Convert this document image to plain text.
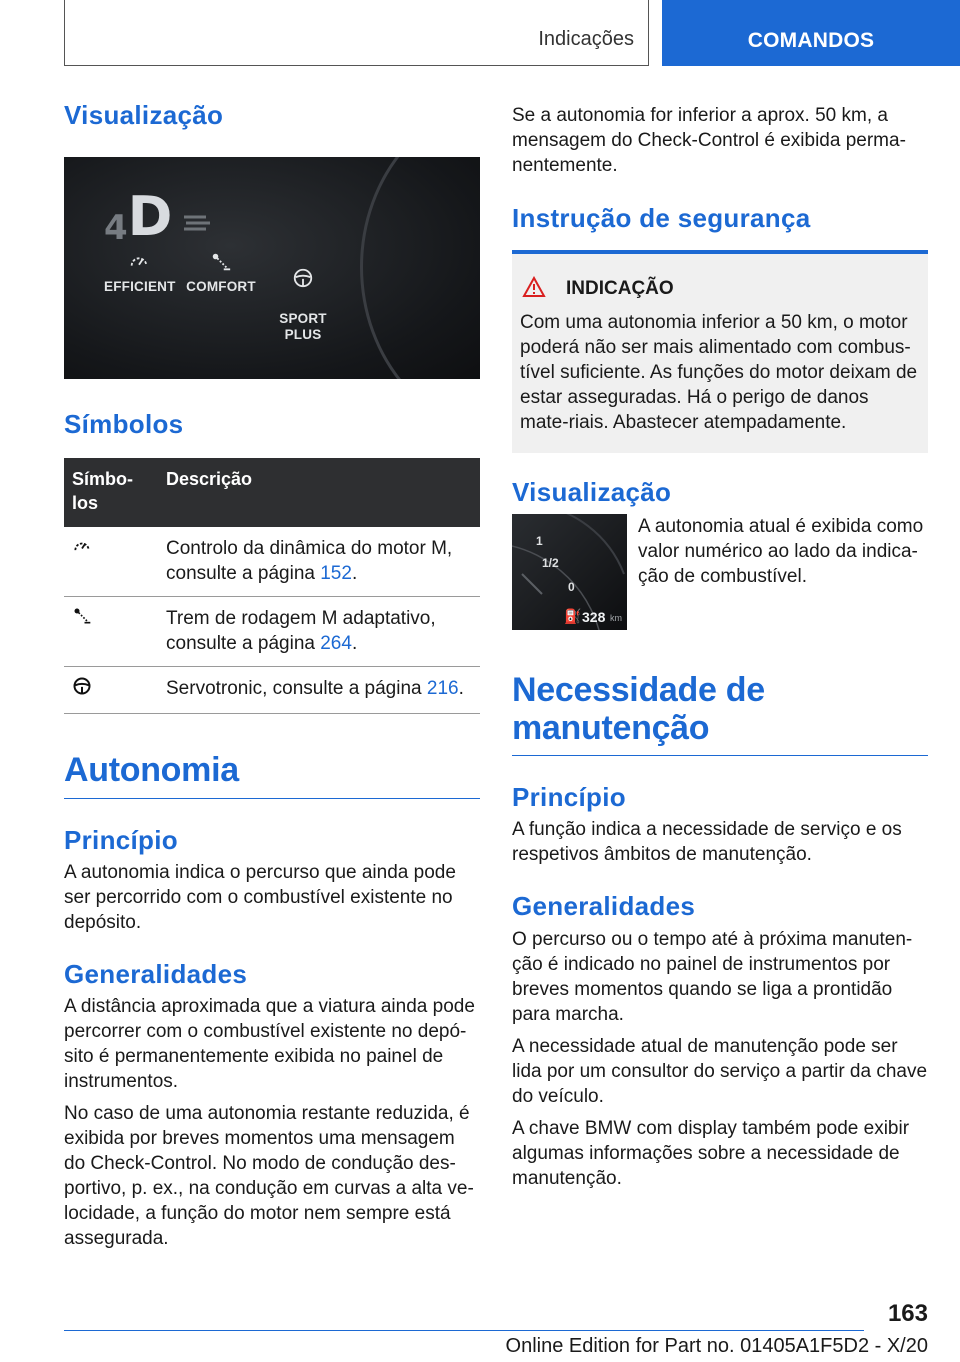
Indicações	COMANDOS
Visualização
4D
EFFICIENT COMFORT

SPORT PLUS

Símbolos
Símbo-
los	Descrição
	Controlo da dinâmica do motor M, consulte a página 152.
	Trem de rodagem M adaptativo, consulte a página 264.
	Servotronic, consulte a página 216.
Autonomia
Princípio

A autonomia indica o percurso que ainda pode ser percorrido com o combustível existente no depósito.

Generalidades

A distância aproximada que a viatura ainda pode percorrer com o combustível existente no depó-sito é permanentemente exibida no painel de instrumentos.

No caso de uma autonomia restante reduzida, é exibida por breves momentos uma mensagem do Check-Control. No modo de condução des-portivo, p. ex., na condução em curvas a alta ve-locidade, a função do motor nem sempre está assegurada.

Se a autonomia for inferior a aprox. 50 km, a mensagem do Check-Control é exibida perma-nentemente.

Instrução de segurança
INDICAÇÃO

Com uma autonomia inferior a 50 km, o motor poderá não ser mais alimentado com combus-tível suficiente. As funções do motor deixam de estar asseguradas. Há o perigo de danos mate-riais. Abastecer atempadamente.

Visualização
1
1/2
0
⛽ 328 km

A autonomia atual é exibida como valor numérico ao lado da indica-ção de combustível.

Necessidade de manutenção
Princípio

A função indica a necessidade de serviço e os respetivos âmbitos de manutenção.

Generalidades

O percurso ou o tempo até à próxima manuten-ção é indicado no painel de instrumentos por breves momentos quando se liga a prontidão para marcha.

A necessidade atual de manutenção pode ser lida por um consultor do serviço a partir da chave do veículo.

A chave BMW com display também pode exibir algumas informações sobre a necessidade de manutenção.

163
Online Edition for Part no. 01405A1F5D2 - X/20
